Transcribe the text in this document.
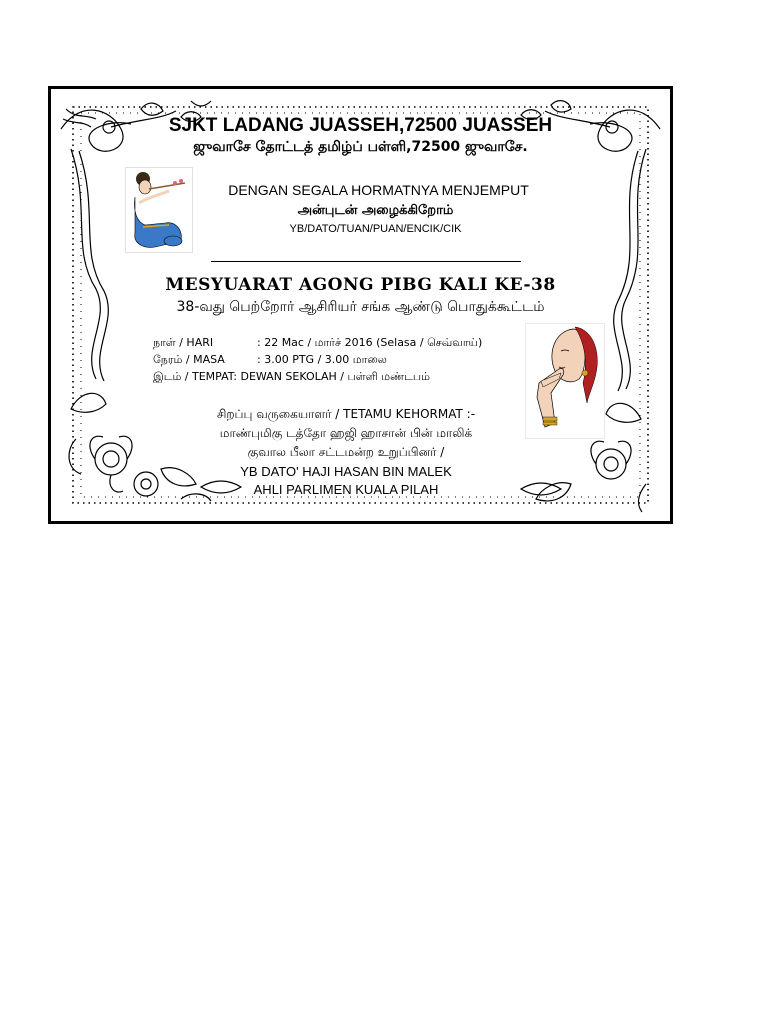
SJKT LADANG JUASSEH,72500 JUASSEH
ஜுவாசே தோட்டத் தமிழ்ப் பள்ளி,72500 ஜுவாசே.
DENGAN SEGALA HORMATNYA MENJEMPUT
அன்புடன் அழைக்கிறோம்
YB/DATO/TUAN/PUAN/ENCIK/CIK
MESYUARAT AGONG PIBG KALI KE-38
38-வது பெற்றோர் ஆசிரியர் சங்க ஆண்டு பொதுக்கூட்டம்
நாள் / HARI	: 22 Mac / மார்ச் 2016 (Selasa / செவ்வாய்)
நேரம் / MASA	: 3.00 PTG / 3.00 மாலை
இடம் / TEMPAT: DEWAN SEKOLAH / பள்ளி மண்டபம்
சிறப்பு வருகையாளர் / TETAMU KEHORMAT :-
மாண்புமிகு டத்தோ ஹஜி ஹாசான் பின் மாலிக்
குவால பீலா சட்டமன்ற உறுப்பினர் /
YB DATO' HAJI HASAN BIN MALEK
AHLI PARLIMEN KUALA PILAH
